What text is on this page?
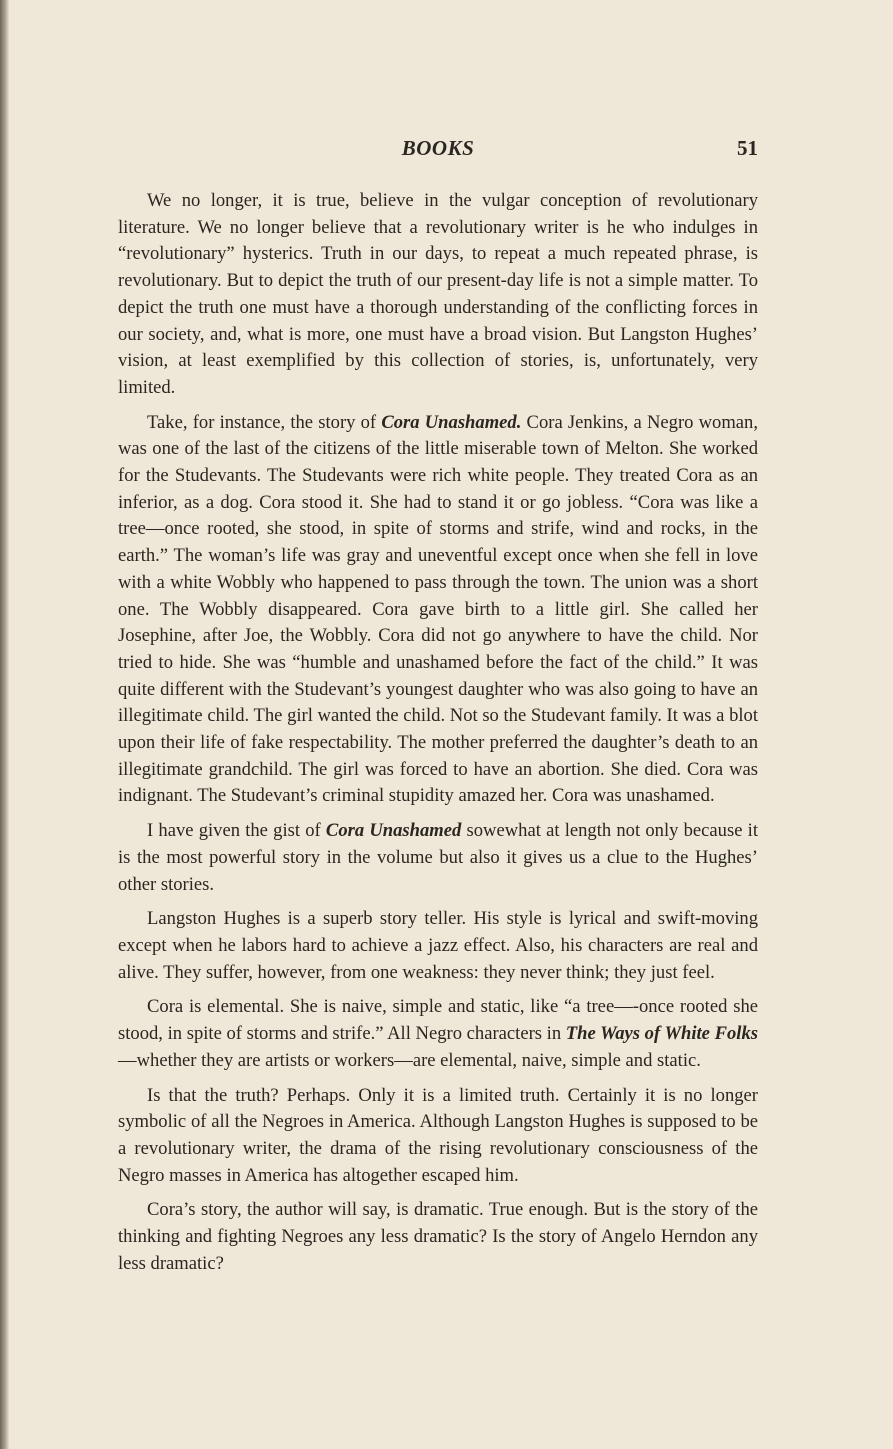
BOOKS	51

We no longer, it is true, believe in the vulgar conception of revolutionary literature. We no longer believe that a revolutionary writer is he who indulges in “revolutionary” hysterics. Truth in our days, to repeat a much repeated phrase, is revolutionary. But to depict the truth of our present-day life is not a simple matter. To depict the truth one must have a thorough understanding of the conflicting forces in our society, and, what is more, one must have a broad vision. But Langston Hughes’ vision, at least exemplified by this collection of stories, is, unfortunately, very limited.

Take, for instance, the story of Cora Unashamed. Cora Jenkins, a Negro woman, was one of the last of the citizens of the little miserable town of Melton. She worked for the Studevants. The Studevants were rich white people. They treated Cora as an inferior, as a dog. Cora stood it. She had to stand it or go jobless. “Cora was like a tree—once rooted, she stood, in spite of storms and strife, wind and rocks, in the earth.” The woman’s life was gray and uneventful except once when she fell in love with a white Wobbly who happened to pass through the town. The union was a short one. The Wobbly disappeared. Cora gave birth to a little girl. She called her Josephine, after Joe, the Wobbly. Cora did not go anywhere to have the child. Nor tried to hide. She was “humble and unashamed before the fact of the child.” It was quite different with the Studevant’s youngest daughter who was also going to have an illegitimate child. The girl wanted the child. Not so the Studevant family. It was a blot upon their life of fake respectability. The mother preferred the daughter’s death to an illegitimate grandchild. The girl was forced to have an abortion. She died. Cora was indignant. The Studevant’s criminal stupidity amazed her. Cora was unashamed.

I have given the gist of Cora Unashamed sowewhat at length not only because it is the most powerful story in the volume but also it gives us a clue to the Hughes’ other stories.

Langston Hughes is a superb story teller. His style is lyrical and swift-moving except when he labors hard to achieve a jazz effect. Also, his characters are real and alive. They suffer, however, from one weakness: they never think; they just feel.

Cora is elemental. She is naive, simple and static, like “a tree—-once rooted she stood, in spite of storms and strife.” All Negro characters in The Ways of White Folks—whether they are artists or workers—are elemental, naive, simple and static.

Is that the truth? Perhaps. Only it is a limited truth. Certainly it is no longer symbolic of all the Negroes in America. Although Langston Hughes is supposed to be a revolutionary writer, the drama of the rising revolutionary consciousness of the Negro masses in America has altogether escaped him.

Cora’s story, the author will say, is dramatic. True enough. But is the story of the thinking and fighting Negroes any less dramatic? Is the story of Angelo Herndon any less dramatic?
